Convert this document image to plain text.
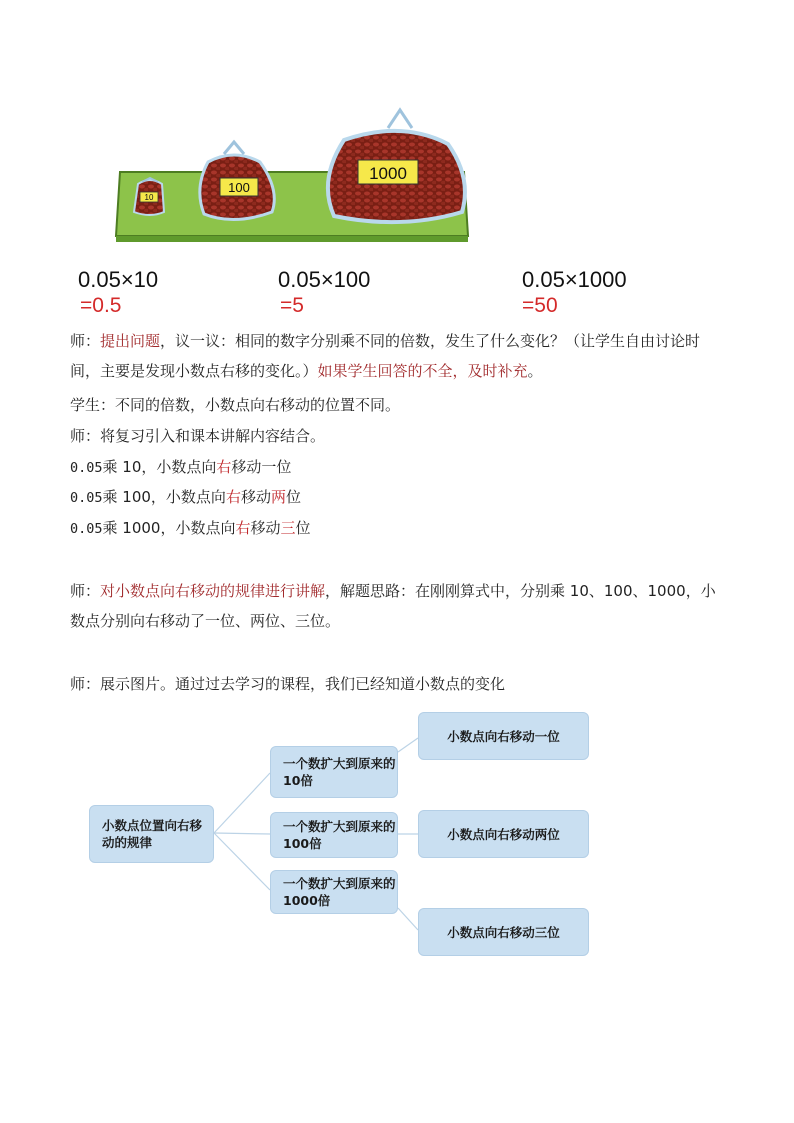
10
100
1000
0.05×10
=0.5
0.05×100
=5
0.05×1000
=50
师：提出问题，议一议：相同的数字分别乘不同的倍数，发生了什么变化？（让学生自由讨论时间，主要是发现小数点右移的变化。）如果学生回答的不全，及时补充。
学生：不同的倍数，小数点向右移动的位置不同。
师：将复习引入和课本讲解内容结合。
0.05乘 10，小数点向右移动一位
0.05乘 100，小数点向右移动两位
0.05乘 1000，小数点向右移动三位
师：对小数点向右移动的规律进行讲解，解题思路：在刚刚算式中，分别乘 10、100、1000，小数点分别向右移动了一位、两位、三位。
师：展示图片。通过过去学习的课程，我们已经知道小数点的变化
小数点位置向右移动的规律
一个数扩大到原来的10倍
一个数扩大到原来的100倍
一个数扩大到原来的1000倍
小数点向右移动一位
小数点向右移动两位
小数点向右移动三位
